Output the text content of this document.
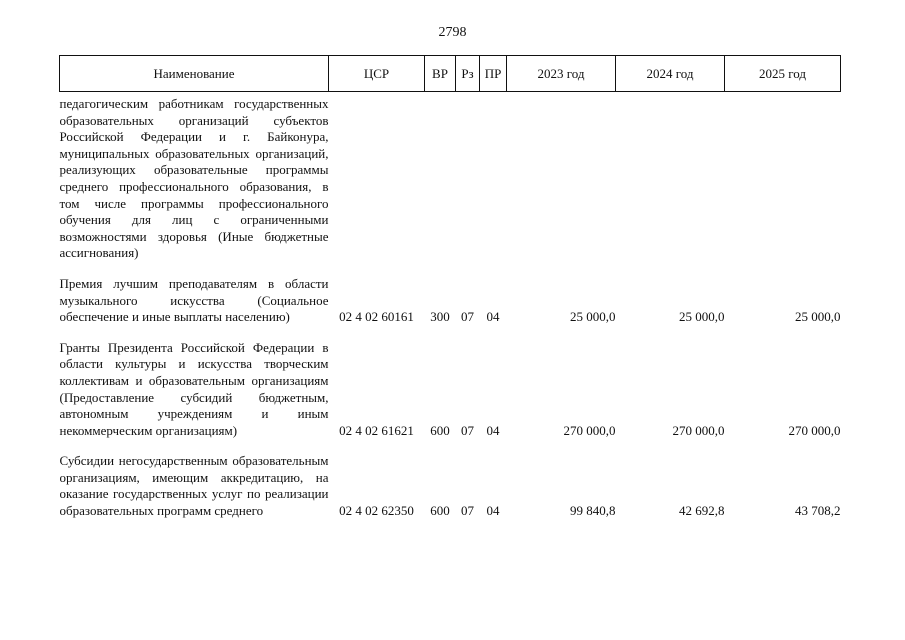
2798
Наименование	ЦСР	ВР	Рз	ПР	2023 год	2024 год	2025 год
педагогическим работникам государственных образовательных организаций субъектов Российской Федерации и г. Байконура, муниципальных образовательных организаций, реализующих образовательные программы среднего профессионального образования, в том числе программы профессионального обучения для лиц с ограниченными возможностями здоровья (Иные бюджетные ассигнования)							
Премия лучшим преподавателям в области музыкального искусства (Социальное обеспечение и иные выплаты населению)	02 4 02 60161	300	07	04	25 000,0	25 000,0	25 000,0
Гранты Президента Российской Федерации в области культуры и искусства творческим коллективам и образовательным организациям (Предоставление субсидий бюджетным, автономным учреждениям и иным некоммерческим организациям)	02 4 02 61621	600	07	04	270 000,0	270 000,0	270 000,0
Субсидии негосударственным образовательным организациям, имеющим аккредитацию, на оказание государственных услуг по реализации образовательных программ среднего	02 4 02 62350	600	07	04	99 840,8	42 692,8	43 708,2
